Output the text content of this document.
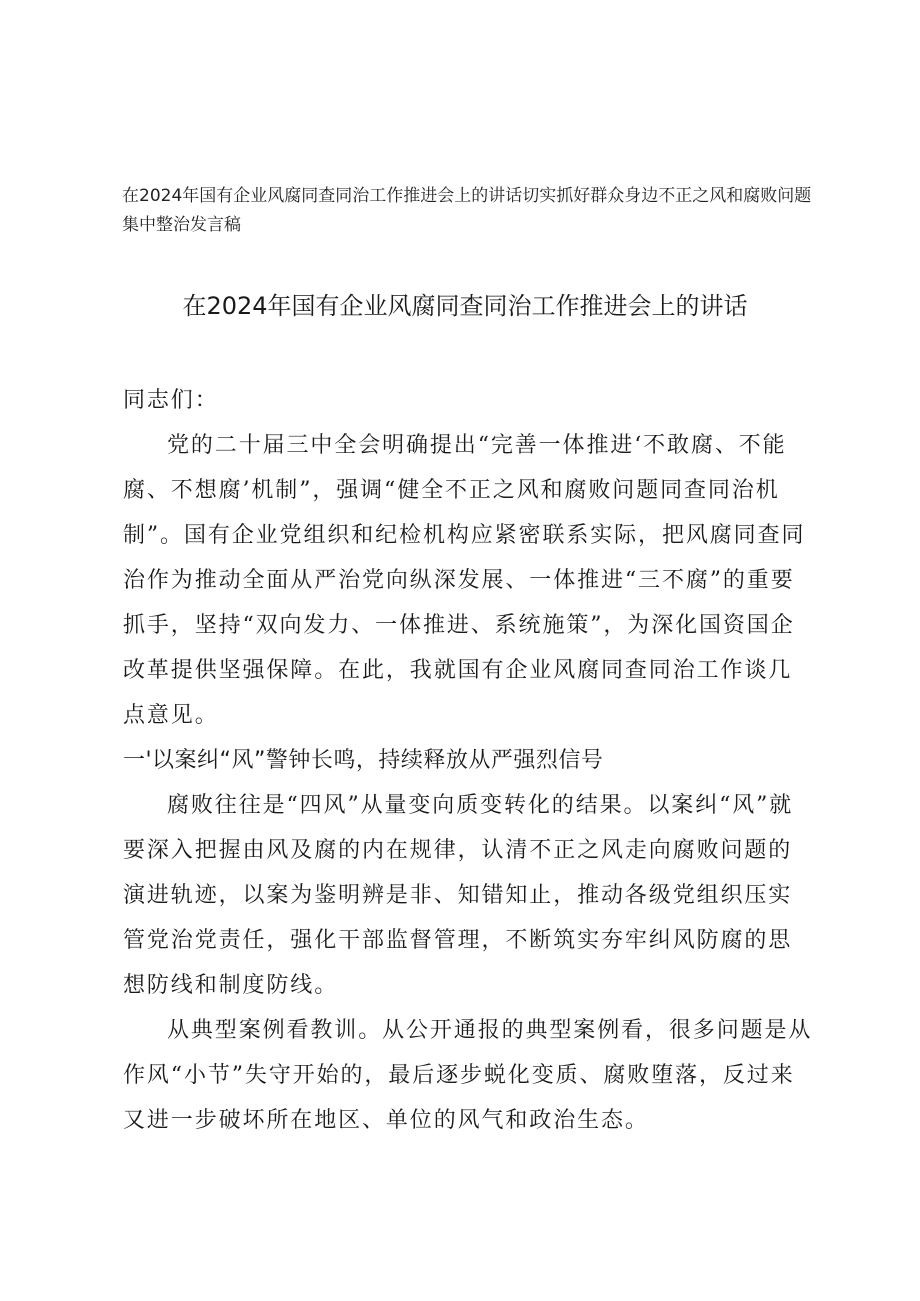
在2024年国有企业风腐同查同治工作推进会上的讲话切实抓好群众身边不正之风和腐败问题集中整治发言稿
在2024年国有企业风腐同查同治工作推进会上的讲话

同志们：

党的二十届三中全会明确提出“完善一体推进‘不敢腐、不能腐、不想腐’机制”，强调“健全不正之风和腐败问题同查同治机制”。国有企业党组织和纪检机构应紧密联系实际，把风腐同查同治作为推动全面从严治党向纵深发展、一体推进“三不腐”的重要抓手，坚持“双向发力、一体推进、系统施策”，为深化国资国企改革提供坚强保障。在此，我就国有企业风腐同查同治工作谈几点意见。

一'以案纠“风”警钟长鸣，持续释放从严强烈信号

腐败往往是“四风”从量变向质变转化的结果。以案纠“风”就要深入把握由风及腐的内在规律，认清不正之风走向腐败问题的演进轨迹，以案为鉴明辨是非、知错知止，推动各级党组织压实管党治党责任，强化干部监督管理，不断筑实夯牢纠风防腐的思想防线和制度防线。

从典型案例看教训。从公开通报的典型案例看，很多问题是从作风“小节”失守开始的，最后逐步蜕化变质、腐败堕落，反过来又进一步破坏所在地区、单位的风气和政治生态。
